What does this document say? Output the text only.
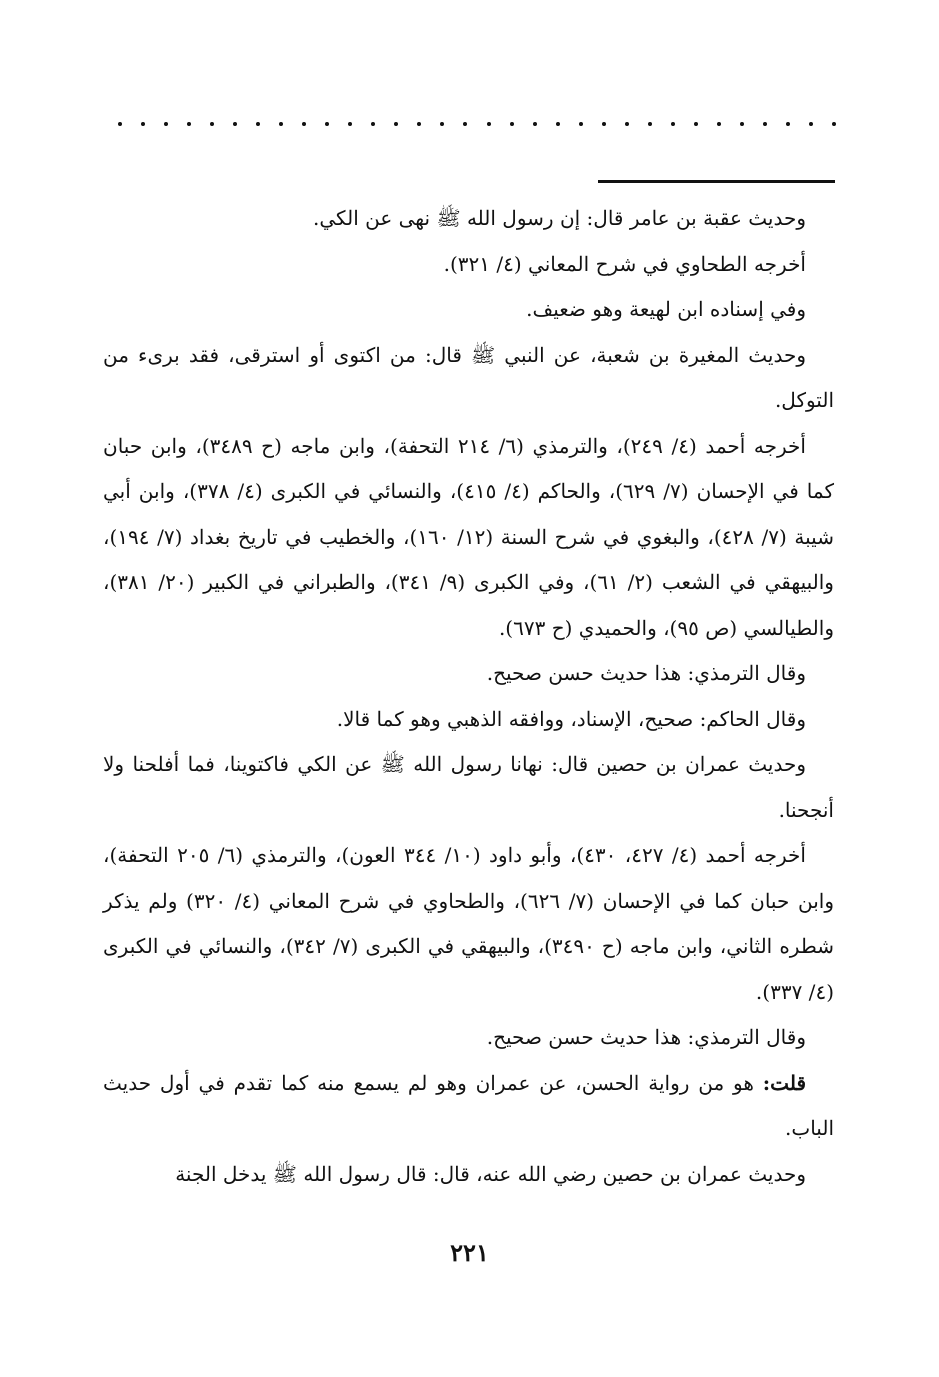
وحديث عقبة بن عامر قال: إن رسول الله ﷺ نهى عن الكي.

أخرجه الطحاوي في شرح المعاني (٤/ ٣٢١).

وفي إسناده ابن لهيعة وهو ضعيف.

وحديث المغيرة بن شعبة، عن النبي ﷺ قال: من اكتوى أو استرقى، فقد برىء من التوكل.

أخرجه أحمد (٤/ ٢٤٩)، والترمذي (٦/ ٢١٤ التحفة)، وابن ماجه (ح ٣٤٨٩)، وابن حبان كما في الإحسان (٧/ ٦٢٩)، والحاكم (٤/ ٤١٥)، والنسائي في الكبرى (٤/ ٣٧٨)، وابن أبي شيبة (٧/ ٤٢٨)، والبغوي في شرح السنة (١٢/ ١٦٠)، والخطيب في تاريخ بغداد (٧/ ١٩٤)، والبيهقي في الشعب (٢/ ٦١)، وفي الكبرى (٩/ ٣٤١)، والطبراني في الكبير (٢٠/ ٣٨١)، والطيالسي (ص ٩٥)، والحميدي (ح ٦٧٣).

وقال الترمذي: هذا حديث حسن صحيح.

وقال الحاكم: صحيح، الإسناد، ووافقه الذهبي وهو كما قالا.

وحديث عمران بن حصين قال: نهانا رسول الله ﷺ عن الكي فاكتوينا، فما أفلحنا ولا أنجحنا.

أخرجه أحمد (٤/ ٤٢٧، ٤٣٠)، وأبو داود (١٠/ ٣٤٤ العون)، والترمذي (٦/ ٢٠٥ التحفة)، وابن حبان كما في الإحسان (٧/ ٦٢٦)، والطحاوي في شرح المعاني (٤/ ٣٢٠) ولم يذكر شطره الثاني، وابن ماجه (ح ٣٤٩٠)، والبيهقي في الكبرى (٧/ ٣٤٢)، والنسائي في الكبرى (٤/ ٣٣٧).

وقال الترمذي: هذا حديث حسن صحيح.

قلت: هو من رواية الحسن، عن عمران وهو لم يسمع منه كما تقدم في أول حديث الباب.

وحديث عمران بن حصين رضي الله عنه، قال: قال رسول الله ﷺ يدخل الجنة

٢٢١
